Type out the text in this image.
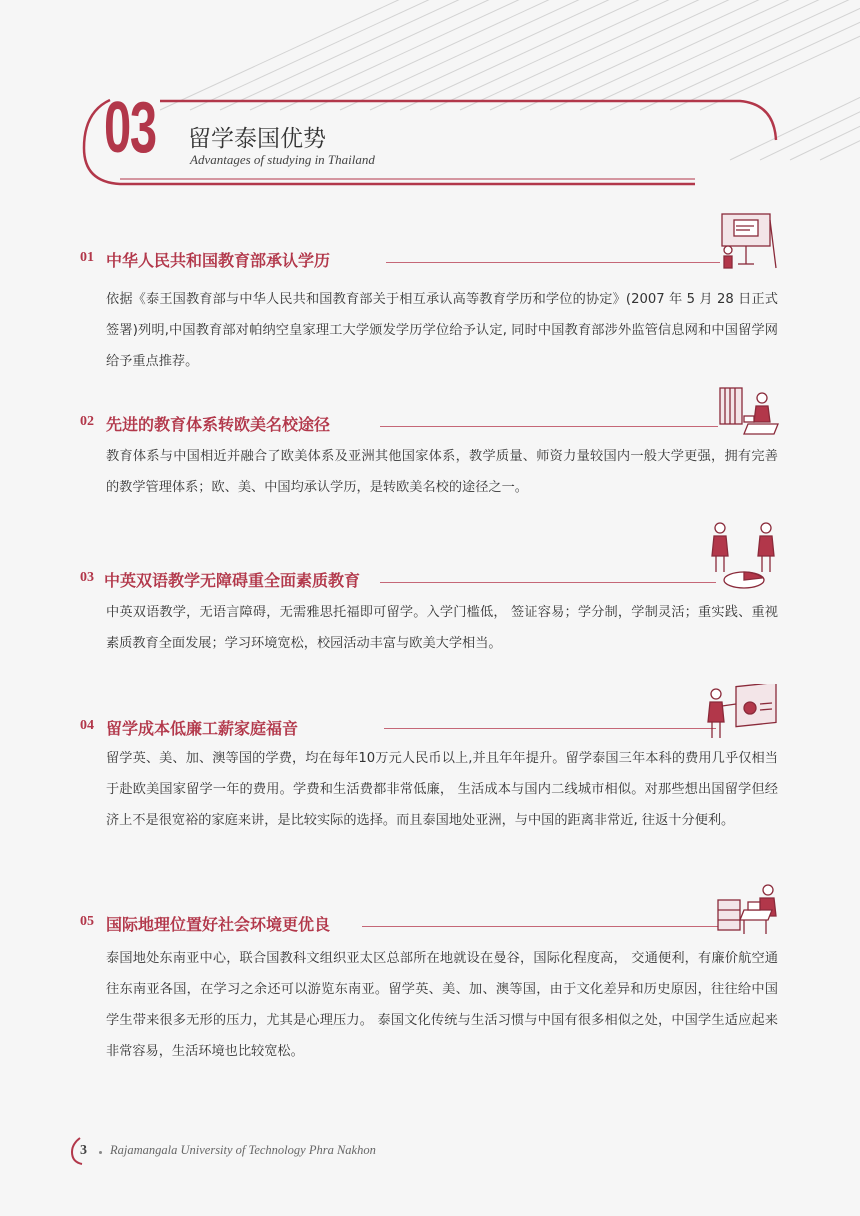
03 留学泰国优势
Advantages of studying in Thailand
01 中华人民共和国教育部承认学历

依据《泰王国教育部与中华人民共和国教育部关于相互承认高等教育学历和学位的协定》(2007 年 5 月 28 日正式签署)列明,中国教育部对帕纳空皇家理工大学颁发学历学位给予认定, 同时中国教育部涉外监管信息网和中国留学网给予重点推荐。

02 先进的教育体系转欧美名校途径

教育体系与中国相近并融合了欧美体系及亚洲其他国家体系，教学质量、师资力量较国内一般大学更强，拥有完善的教学管理体系；欧、美、中国均承认学历，是转欧美名校的途径之一。

03 中英双语教学无障碍重全面素质教育

中英双语教学，无语言障碍，无需雅思托福即可留学。入学门槛低， 签证容易；学分制，学制灵活；重实践、重视素质教育全面发展；学习环境宽松，校园活动丰富与欧美大学相当。

04 留学成本低廉工薪家庭福音

留学英、美、加、澳等国的学费，均在每年10万元人民币以上,并且年年提升。留学泰国三年本科的费用几乎仅相当于赴欧美国家留学一年的费用。学费和生活费都非常低廉， 生活成本与国内二线城市相似。对那些想出国留学但经济上不是很宽裕的家庭来讲，是比较实际的选择。而且泰国地处亚洲，与中国的距离非常近, 往返十分便利。

05 国际地理位置好社会环境更优良

泰国地处东南亚中心，联合国教科文组织亚太区总部所在地就设在曼谷，国际化程度高， 交通便利，有廉价航空通往东南亚各国，在学习之余还可以游览东南亚。留学英、美、加、澳等国，由于文化差异和历史原因，往往给中国学生带来很多无形的压力，尤其是心理压力。 泰国文化传统与生活习惯与中国有很多相似之处，中国学生适应起来非常容易，生活环境也比较宽松。

3 Rajamangala University of Technology Phra Nakhon
